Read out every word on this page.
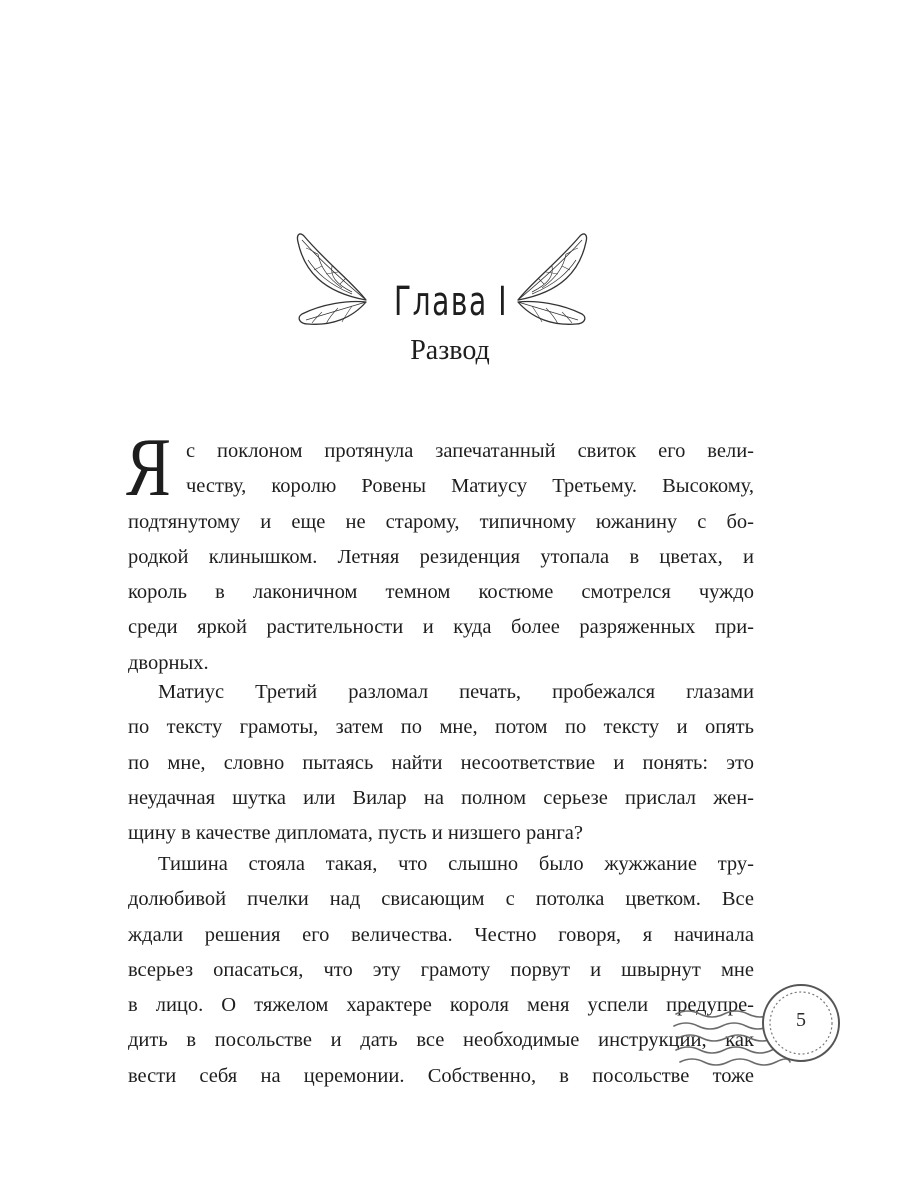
Глава I
Развод
Я с поклоном протянула запечатанный свиток его вели-
честву, королю Ровены Матиусу Третьему. Высокому,
подтянутому и еще не старому, типичному южанину с бо-
родкой клинышком. Летняя резиденция утопала в цветах, и
король в лаконичном темном костюме смотрелся чуждо
среди яркой растительности и куда более разряженных при-
дворных.
Матиус Третий разломал печать, пробежался глазами
по тексту грамоты, затем по мне, потом по тексту и опять
по мне, словно пытаясь найти несоответствие и понять: это
неудачная шутка или Вилар на полном серьезе прислал жен-
щину в качестве дипломата, пусть и низшего ранга?
Тишина стояла такая, что слышно было жужжание тру-
долюбивой пчелки над свисающим с потолка цветком. Все
ждали решения его величества. Честно говоря, я начинала
всерьез опасаться, что эту грамоту порвут и швырнут мне
в лицо. О тяжелом характере короля меня успели предупре-
дить в посольстве и дать все необходимые инструкции, как
вести себя на церемонии. Собственно, в посольстве тоже
5
